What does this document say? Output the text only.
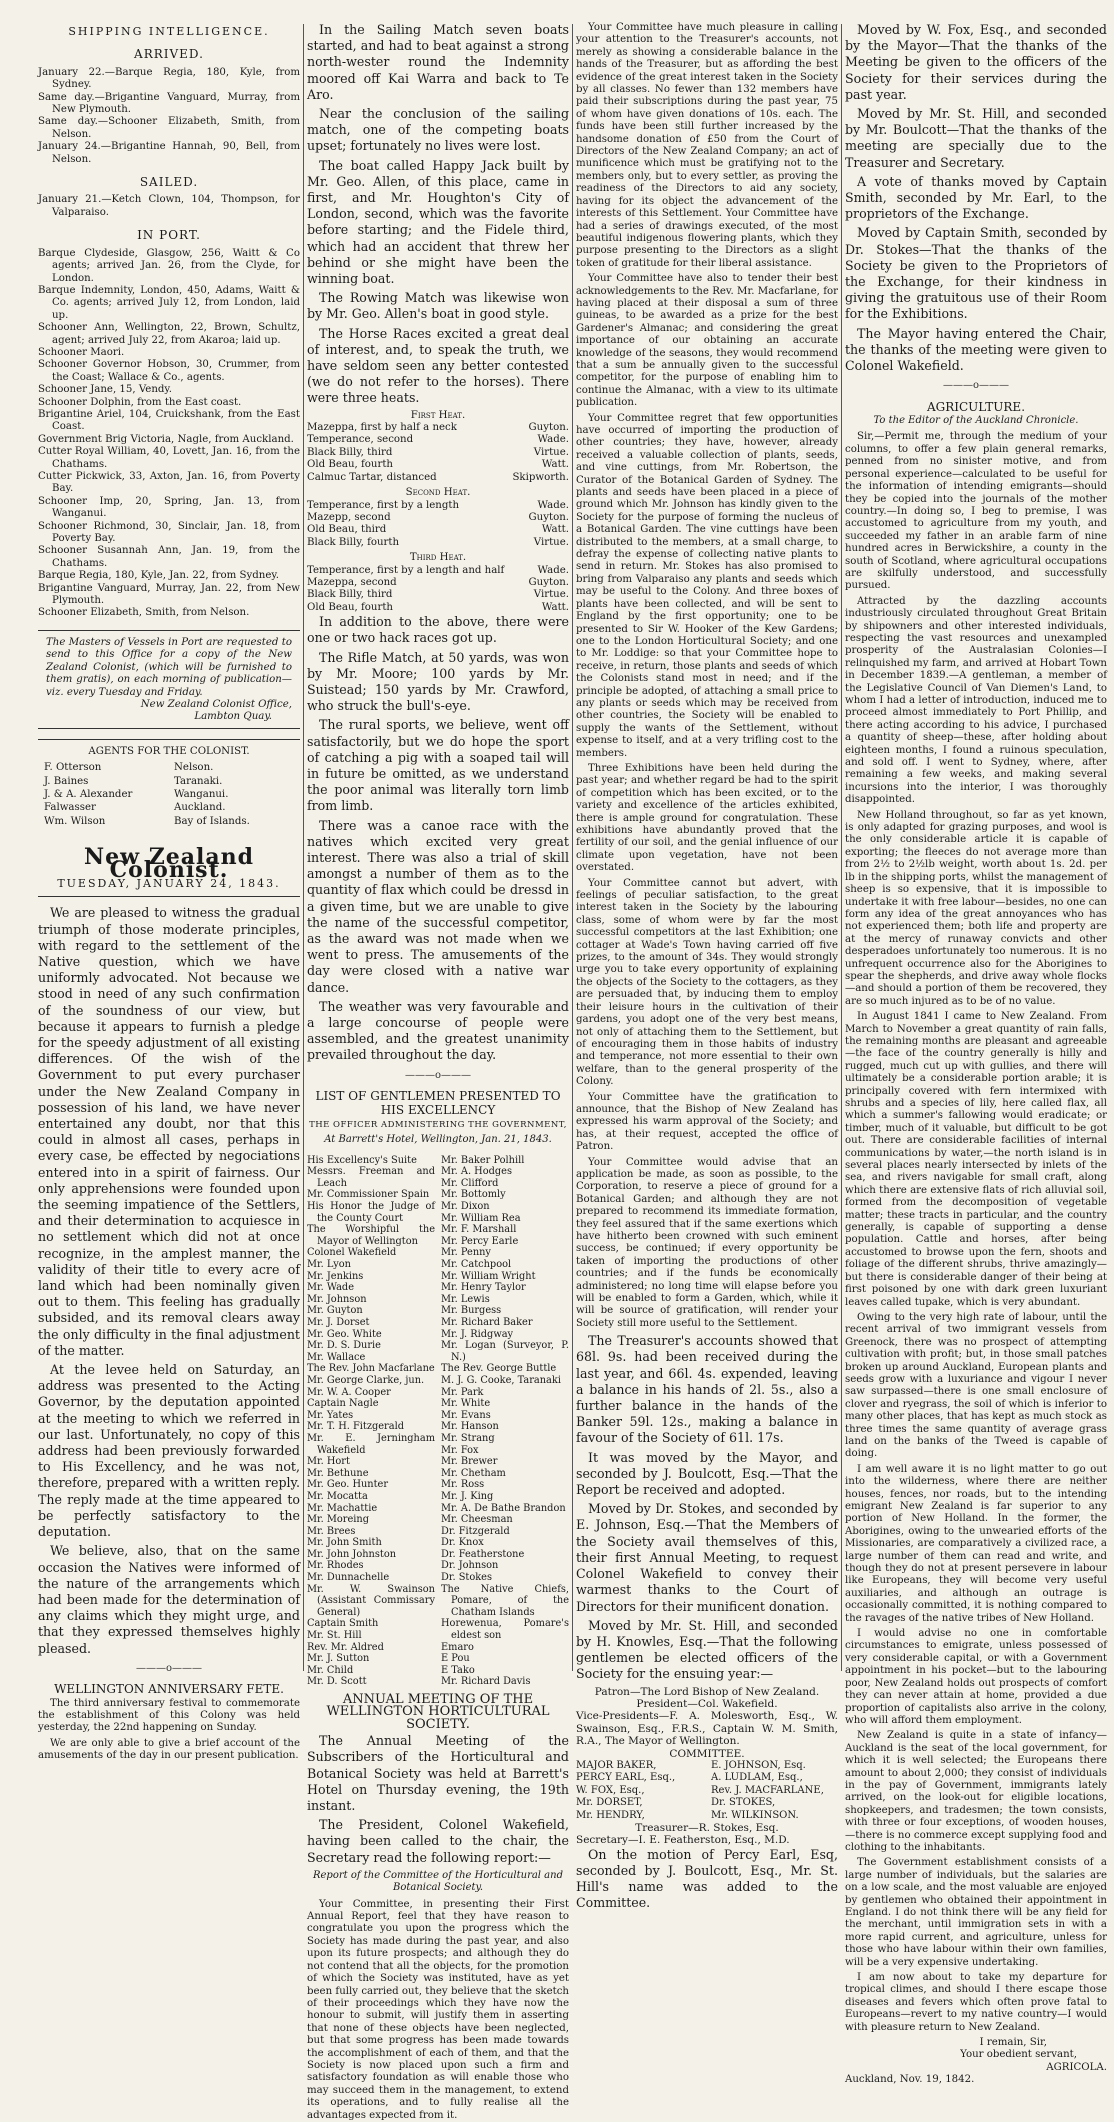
SHIPPING INTELLIGENCE.
ARRIVED.
January 22.—Barque Regia, 180, Kyle, from Sydney.
Same day.—Brigantine Vanguard, Murray, from New Plymouth.
Same day.—Schooner Elizabeth, Smith, from Nelson.
January 24.—Brigantine Hannah, 90, Bell, from Nelson.
SAILED.
January 21.—Ketch Clown, 104, Thompson, for Valparaiso.
IN PORT.
Barque Clydeside, Glasgow, 256, Waitt & Co agents; arrived Jan. 26, from the Clyde, for London.
Barque Indemnity, London, 450, Adams, Waitt & Co. agents; arrived July 12, from London, laid up.
Schooner Ann, Wellington, 22, Brown, Schultz, agent; arrived July 22, from Akaroa; laid up.
Schooner Maori.
Schooner Governor Hobson, 30, Crummer, from the Coast; Wallace & Co., agents.
Schooner Jane, 15, Vendy.
Schooner Dolphin, from the East coast.
Brigantine Ariel, 104, Cruickshank, from the East Coast.
Government Brig Victoria, Nagle, from Auckland.
Cutter Royal William, 40, Lovett, Jan. 16, from the Chathams.
Cutter Pickwick, 33, Axton, Jan. 16, from Poverty Bay.
Schooner Imp, 20, Spring, Jan. 13, from Wanganui.
Schooner Richmond, 30, Sinclair, Jan. 18, from Poverty Bay.
Schooner Susannah Ann, Jan. 19, from the Chathams.
Barque Regia, 180, Kyle, Jan. 22, from Sydney.
Brigantine Vanguard, Murray, Jan. 22, from New Plymouth.
Schooner Elizabeth, Smith, from Nelson.
The Masters of Vessels in Port are requested to send to this Office for a copy of the New Zealand Colonist, (which will be furnished to them gratis), on each morning of publication—viz. every Tuesday and Friday.
New Zealand Colonist Office,
Lambton Quay.
AGENTS FOR THE COLONIST.
F. Otterson	Nelson.
J. Baines	Taranaki.
J. & A. Alexander	Wanganui.
Falwasser	Auckland.
Wm. Wilson	Bay of Islands.
New Zealand Colonist.
TUESDAY, JANUARY 24, 1843.

We are pleased to witness the gradual triumph of those moderate principles, with regard to the settlement of the Native question, which we have uniformly advocated. Not because we stood in need of any such confirmation of the soundness of our view, but because it appears to furnish a pledge for the speedy adjustment of all existing differences. Of the wish of the Government to put every purchaser under the New Zealand Company in possession of his land, we have never entertained any doubt, nor that this could in almost all cases, perhaps in every case, be effected by negociations entered into in a spirit of fairness. Our only apprehensions were founded upon the seeming impatience of the Settlers, and their determination to acquiesce in no settlement which did not at once recognize, in the amplest manner, the validity of their title to every acre of land which had been nominally given out to them. This feeling has gradually subsided, and its removal clears away the only difficulty in the final adjustment of the matter.

At the levee held on Saturday, an address was presented to the Acting Governor, by the deputation appointed at the meeting to which we referred in our last. Unfortunately, no copy of this address had been previously forwarded to His Excellency, and he was not, therefore, prepared with a written reply. The reply made at the time appeared to be perfectly satisfactory to the deputation.

We believe, also, that on the same occasion the Natives were informed of the nature of the arrangements which had been made for the determination of any claims which they might urge, and that they expressed themselves highly pleased.

———o———
WELLINGTON ANNIVERSARY FETE.

The third anniversary festival to commemorate the establishment of this Colony was held yesterday, the 22nd happening on Sunday.

We are only able to give a brief account of the amusements of the day in our present publication.

In the Sailing Match seven boats started, and had to beat against a strong north-wester round the Indemnity moored off Kai Warra and back to Te Aro.

Near the conclusion of the sailing match, one of the competing boats upset; fortunately no lives were lost.

The boat called Happy Jack built by Mr. Geo. Allen, of this place, came in first, and Mr. Houghton's City of London, second, which was the favorite before starting; and the Fidele third, which had an accident that threw her behind or she might have been the winning boat.

The Rowing Match was likewise won by Mr. Geo. Allen's boat in good style.

The Horse Races excited a great deal of interest, and, to speak the truth, we have seldom seen any better contested (we do not refer to the horses). There were three heats.

First Heat.
Mazeppa, first by half a neck	Guyton.
Temperance, second	Wade.
Black Billy, third	Virtue.
Old Beau, fourth	Watt.
Calmuc Tartar, distanced	Skipworth.
Second Heat.
Temperance, first by a length	Wade.
Mazepp, second	Guyton.
Old Beau, third	Watt.
Black Billy, fourth	Virtue.
Third Heat.
Temperance, first by a length and half	Wade.
Mazeppa, second	Guyton.
Black Billy, third	Virtue.
Old Beau, fourth	Watt.

In addition to the above, there were one or two hack races got up.

The Rifle Match, at 50 yards, was won by Mr. Moore; 100 yards by Mr. Suistead; 150 yards by Mr. Crawford, who struck the bull's-eye.

The rural sports, we believe, went off satisfactorily, but we do hope the sport of catching a pig with a soaped tail will in future be omitted, as we understand the poor animal was literally torn limb from limb.

There was a canoe race with the natives which excited very great interest. There was also a trial of skill amongst a number of them as to the quantity of flax which could be dressd in a given time, but we are unable to give the name of the successful competitor, as the award was not made when we went to press. The amusements of the day were closed with a native war dance.

The weather was very favourable and a large concourse of people were assembled, and the greatest unanimity prevailed throughout the day.

———o———
LIST OF GENTLEMEN PRESENTED TO
HIS EXCELLENCY
THE OFFICER ADMINISTERING THE GOVERNMENT,
At Barrett's Hotel, Wellington, Jan. 21, 1843.
His Excellency's Suite
Messrs. Freeman and Leach
Mr. Commissioner Spain
His Honor the Judge of the County Court
The Worshipful the Mayor of Wellington
Colonel Wakefield
Mr. Lyon
Mr. Jenkins
Mr. Wade
Mr. Johnson
Mr. Guyton
Mr. J. Dorset
Mr. Geo. White
Mr. D. S. Durie
Mr. Wallace
The Rev. John Macfarlane
Mr. George Clarke, jun.
Mr. W. A. Cooper
Captain Nagle
Mr. Yates
Mr. T. H. Fitzgerald
Mr. E. Jerningham Wakefield
Mr. Hort
Mr. Bethune
Mr. Geo. Hunter
Mr. Mocatta
Mr. Machattie
Mr. Moreing
Mr. Brees
Mr. John Smith
Mr. John Johnston
Mr. Rhodes
Mr. Dunnachelle
Mr. W. Swainson (Assistant Commissary General)
Captain Smith
Mr. St. Hill
Rev. Mr. Aldred
Mr. J. Sutton
Mr. Child
Mr. D. Scott
Mr. Baker Polhill
Mr. A. Hodges
Mr. Clifford
Mr. Bottomly
Mr. Dixon
Mr. William Rea
Mr. F. Marshall
Mr. Percy Earle
Mr. Penny
Mr. Catchpool
Mr. William Wright
Mr. Henry Taylor
Mr. Lewis
Mr. Burgess
Mr. Richard Baker
Mr. J. Ridgway
Mr. Logan (Surveyor, P. N.)
The Rev. George Buttle
M. J. G. Cooke, Taranaki
Mr. Park
Mr. White
Mr. Evans
Mr. Hanson
Mr. Strang
Mr. Fox
Mr. Brewer
Mr. Chetham
Mr. Ross
Mr. J. King
Mr. A. De Bathe Brandon
Mr. Cheesman
Dr. Fitzgerald
Dr. Knox
Dr. Featherstone
Dr. Johnson
Dr. Stokes
The Native Chiefs, Pomare, of the Chatham Islands
Horewenua, Pomare's eldest son
Emaro
E Pou
E Tako
Mr. Richard Davis
ANNUAL MEETING OF THE WELLINGTON HORTICULTURAL SOCIETY.

The Annual Meeting of the Subscribers of the Horticultural and Botanical Society was held at Barrett's Hotel on Thursday evening, the 19th instant.

The President, Colonel Wakefield, having been called to the chair, the Secretary read the following report:—

Report of the Committee of the Horticultural and Botanical Society.

Your Committee, in presenting their First Annual Report, feel that they have reason to congratulate you upon the progress which the Society has made during the past year, and also upon its future prospects; and although they do not contend that all the objects, for the promotion of which the Society was instituted, have as yet been fully carried out, they believe that the sketch of their proceedings which they have now the honour to submit, will justify them in asserting that none of these objects have been neglected, but that some progress has been made towards the accomplishment of each of them, and that the Society is now placed upon such a firm and satisfactory foundation as will enable those who may succeed them in the management, to extend its operations, and to fully realise all the advantages expected from it.

Your Committee have much pleasure in calling your attention to the Treasurer's accounts, not merely as showing a considerable balance in the hands of the Treasurer, but as affording the best evidence of the great interest taken in the Society by all classes. No fewer than 132 members have paid their subscriptions during the past year, 75 of whom have given donations of 10s. each. The funds have been still further increased by the handsome donation of £50 from the Court of Directors of the New Zealand Company; an act of munificence which must be gratifying not to the members only, but to every settler, as proving the readiness of the Directors to aid any society, having for its object the advancement of the interests of this Settlement. Your Committee have had a series of drawings executed, of the most beautiful indigenous flowering plants, which they purpose presenting to the Directors as a slight token of gratitude for their liberal assistance.

Your Committee have also to tender their best acknowledgements to the Rev. Mr. Macfarlane, for having placed at their disposal a sum of three guineas, to be awarded as a prize for the best Gardener's Almanac; and considering the great importance of our obtaining an accurate knowledge of the seasons, they would recommend that a sum be annually given to the successful competitor, for the purpose of enabling him to continue the Almanac, with a view to its ultimate publication.

Your Committee regret that few opportunities have occurred of importing the production of other countries; they have, however, already received a valuable collection of plants, seeds, and vine cuttings, from Mr. Robertson, the Curator of the Botanical Garden of Sydney. The plants and seeds have been placed in a piece of ground which Mr. Johnson has kindly given to the Society for the purpose of forming the nucleus of a Botanical Garden. The vine cuttings have been distributed to the members, at a small charge, to defray the expense of collecting native plants to send in return. Mr. Stokes has also promised to bring from Valparaiso any plants and seeds which may be useful to the Colony. And three boxes of plants have been collected, and will be sent to England by the first opportunity; one to be presented to Sir W. Hooker of the Kew Gardens; one to the London Horticultural Society; and one to Mr. Loddige: so that your Committee hope to receive, in return, those plants and seeds of which the Colonists stand most in need; and if the principle be adopted, of attaching a small price to any plants or seeds which may be received from other countries, the Society will be enabled to supply the wants of the Settlement, without expense to itself, and at a very trifling cost to the members.

Three Exhibitions have been held during the past year; and whether regard be had to the spirit of competition which has been excited, or to the variety and excellence of the articles exhibited, there is ample ground for congratulation. These exhibitions have abundantly proved that the fertility of our soil, and the genial influence of our climate upon vegetation, have not been overstated.

Your Committee cannot but advert, with feelings of peculiar satisfaction, to the great interest taken in the Society by the labouring class, some of whom were by far the most successful competitors at the last Exhibition; one cottager at Wade's Town having carried off five prizes, to the amount of 34s. They would strongly urge you to take every opportunity of explaining the objects of the Society to the cottagers, as they are persuaded that, by inducing them to employ their leisure hours in the cultivation of their gardens, you adopt one of the very best means, not only of attaching them to the Settlement, but of encouraging them in those habits of industry and temperance, not more essential to their own welfare, than to the general prosperity of the Colony.

Your Committee have the gratification to announce, that the Bishop of New Zealand has expressed his warm approval of the Society; and has, at their request, accepted the office of Patron.

Your Committee would advise that an application be made, as soon as possible, to the Corporation, to reserve a piece of ground for a Botanical Garden; and although they are not prepared to recommend its immediate formation, they feel assured that if the same exertions which have hitherto been crowned with such eminent success, be continued; if every opportunity be taken of importing the productions of other countries; and if the funds be economically administered; no long time will elapse before you will be enabled to form a Garden, which, while it will be source of gratification, will render your Society still more useful to the Settlement.

The Treasurer's accounts showed that 68l. 9s. had been received during the last year, and 66l. 4s. expended, leaving a balance in his hands of 2l. 5s., also a further balance in the hands of the Banker 59l. 12s., making a balance in favour of the Society of 61l. 17s.

It was moved by the Mayor, and seconded by J. Boulcott, Esq.—That the Report be received and adopted.

Moved by Dr. Stokes, and seconded by E. Johnson, Esq.—That the Members of the Society avail themselves of this, their first Annual Meeting, to request Colonel Wakefield to convey their warmest thanks to the Court of Directors for their munificent donation.

Moved by Mr. St. Hill, and seconded by H. Knowles, Esq.—That the following gentlemen be elected officers of the Society for the ensuing year:—

Patron—The Lord Bishop of New Zealand.
President—Col. Wakefield.
Vice-Presidents—F. A. Molesworth, Esq., W. Swainson, Esq., F.R.S., Captain W. M. Smith, R.A., The Mayor of Wellington.
COMMITTEE.
MAJOR BAKER,
PERCY EARL, Esq.,
W. FOX, Esq.,
Mr. DORSET,
Mr. HENDRY,
E. JOHNSON, Esq.
A. LUDLAM, Esq.,
Rev. J. MACFARLANE,
Dr. STOKES,
Mr. WILKINSON.
Treasurer—R. Stokes, Esq.
Secretary—I. E. Featherston, Esq., M.D.

On the motion of Percy Earl, Esq, seconded by J. Boulcott, Esq., Mr. St. Hill's name was added to the Committee.

Moved by W. Fox, Esq., and seconded by the Mayor—That the thanks of the Meeting be given to the officers of the Society for their services during the past year.

Moved by Mr. St. Hill, and seconded by Mr. Boulcott—That the thanks of the meeting are specially due to the Treasurer and Secretary.

A vote of thanks moved by Captain Smith, seconded by Mr. Earl, to the proprietors of the Exchange.

Moved by Captain Smith, seconded by Dr. Stokes—That the thanks of the Society be given to the Proprietors of the Exchange, for their kindness in giving the gratuitous use of their Room for the Exhibitions.

The Mayor having entered the Chair, the thanks of the meeting were given to Colonel Wakefield.

———o———
AGRICULTURE.
To the Editor of the Auckland Chronicle.

Sir,—Permit me, through the medium of your columns, to offer a few plain general remarks, penned from no sinister motive, and from personal experience—calculated to be useful for the information of intending emigrants—should they be copied into the journals of the mother country.—In doing so, I beg to premise, I was accustomed to agriculture from my youth, and succeeded my father in an arable farm of nine hundred acres in Berwickshire, a county in the south of Scotland, where agricultural occupations are skilfully understood, and successfully pursued.

Attracted by the dazzling accounts industriously circulated throughout Great Britain by shipowners and other interested individuals, respecting the vast resources and unexampled prosperity of the Australasian Colonies—I relinquished my farm, and arrived at Hobart Town in December 1839.—A gentleman, a member of the Legislative Council of Van Diemen's Land, to whom I had a letter of introduction, induced me to proceed almost immediately to Port Phillip, and there acting according to his advice, I purchased a quantity of sheep—these, after holding about eighteen months, I found a ruinous speculation, and sold off. I went to Sydney, where, after remaining a few weeks, and making several incursions into the interior, I was thoroughly disappointed.

New Holland throughout, so far as yet known, is only adapted for grazing purposes, and wool is the only considerable article it is capable of exporting; the fleeces do not average more than from 2½ to 2½lb weight, worth about 1s. 2d. per lb in the shipping ports, whilst the management of sheep is so expensive, that it is impossible to undertake it with free labour—besides, no one can form any idea of the great annoyances who has not experienced them; both life and property are at the mercy of runaway convicts and other desperadoes unfortunately too numerous. It is no unfrequent occurrence also for the Aborigines to spear the shepherds, and drive away whole flocks—and should a portion of them be recovered, they are so much injured as to be of no value.

In August 1841 I came to New Zealand. From March to November a great quantity of rain falls, the remaining months are pleasant and agreeable—the face of the country generally is hilly and rugged, much cut up with gullies, and there will ultimately be a considerable portion arable; it is principally covered with fern intermixed with shrubs and a species of lily, here called flax, all which a summer's fallowing would eradicate; or timber, much of it valuable, but difficult to be got out. There are considerable facilities of internal communications by water,—the north island is in several places nearly intersected by inlets of the sea, and rivers navigable for small craft, along which there are extensive flats of rich alluvial soil, formed from the decomposition of vegetable matter; these tracts in particular, and the country generally, is capable of supporting a dense population. Cattle and horses, after being accustomed to browse upon the fern, shoots and foliage of the different shrubs, thrive amazingly—but there is considerable danger of their being at first poisoned by one with dark green luxuriant leaves called tupake, which is very abundant.

Owing to the very high rate of labour, until the recent arrival of two immigrant vessels from Greenock, there was no prospect of attempting cultivation with profit; but, in those small patches broken up around Auckland, European plants and seeds grow with a luxuriance and vigour I never saw surpassed—there is one small enclosure of clover and ryegrass, the soil of which is inferior to many other places, that has kept as much stock as three times the same quantity of average grass land on the banks of the Tweed is capable of doing.

I am well aware it is no light matter to go out into the wilderness, where there are neither houses, fences, nor roads, but to the intending emigrant New Zealand is far superior to any portion of New Holland. In the former, the Aborigines, owing to the unwearied efforts of the Missionaries, are comparatively a civilized race, a large number of them can read and write, and though they do not at present persevere in labour like Europeans, they will become very useful auxiliaries, and although an outrage is occasionally committed, it is nothing compared to the ravages of the native tribes of New Holland.

I would advise no one in comfortable circumstances to emigrate, unless possessed of very considerable capital, or with a Government appointment in his pocket—but to the labouring poor, New Zealand holds out prospects of comfort they can never attain at home, provided a due proportion of capitalists also arrive in the colony, who will afford them employment.

New Zealand is quite in a state of infancy—Auckland is the seat of the local government, for which it is well selected; the Europeans there amount to about 2,000; they consist of individuals in the pay of Government, immigrants lately arrived, on the look-out for eligible locations, shopkeepers, and tradesmen; the town consists, with three or four exceptions, of wooden houses,—there is no commerce except supplying food and clothing to the inhabitants.

The Government establishment consists of a large number of individuals, but the salaries are on a low scale, and the most valuable are enjoyed by gentlemen who obtained their appointment in England. I do not think there will be any field for the merchant, until immigration sets in with a more rapid current, and agriculture, unless for those who have labour within their own families, will be a very expensive undertaking.

I am now about to take my departure for tropical climes, and should I there escape those diseases and fevers which often prove fatal to Europeans—revert to my native country—I would with pleasure return to New Zealand.

I remain, Sir,
Your obedient servant,
AGRICOLA.
Auckland, Nov. 19, 1842.
